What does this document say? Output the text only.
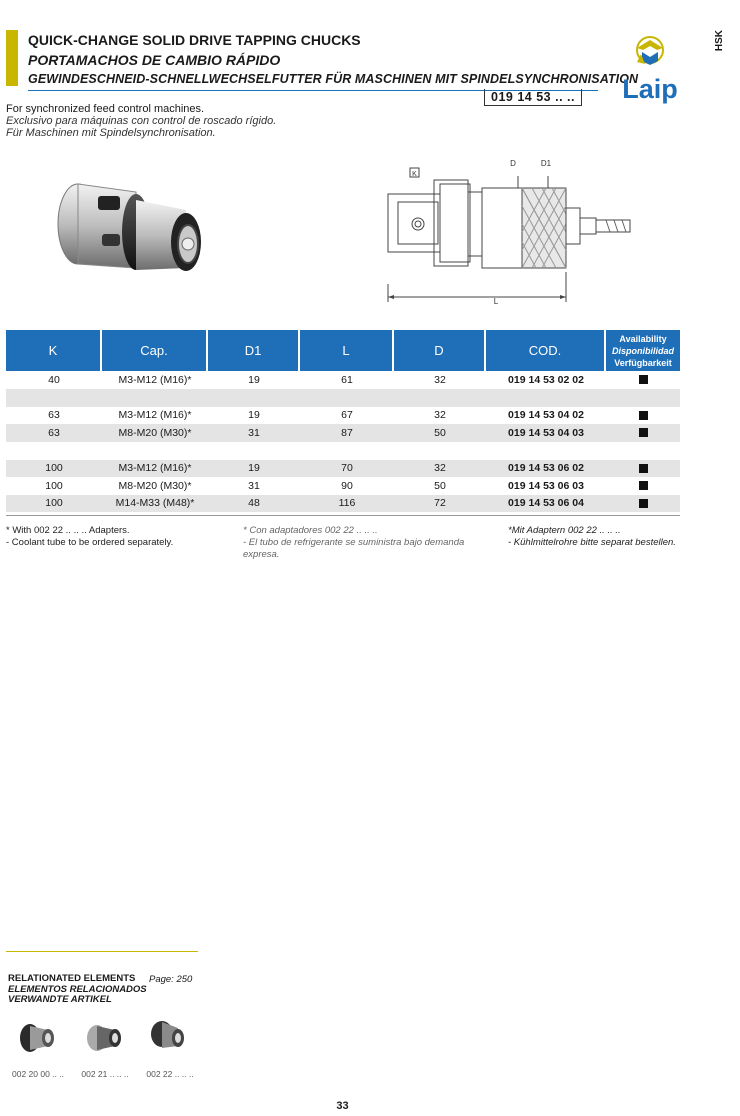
QUICK-CHANGE SOLID DRIVE TAPPING CHUCKS
PORTAMACHOS DE CAMBIO RÁPIDO
GEWINDESCHNEID-SCHNELLWECHSELFUTTER FÜR MASCHINEN MIT SPINDELSYNCHRONISATION
019 14 53 .. .. Laip
HSK
For synchronized feed control machines.
Exclusivo para máquinas con control de roscado rígido.
Für Maschinen mit Spindelsynchronisation.
K
D	D1
L
K	Cap.	D1	L	D	COD.	Availability
Disponibilidad
Verfügbarkeit

40	M3-M12 (M16)*	19	61	32	019 14 53 02 02	

63	M3-M12 (M16)*	19	67	32	019 14 53 04 02	
63	M8-M20 (M30)*	31	87	50	019 14 53 04 03	

100	M3-M12 (M16)*	19	70	32	019 14 53 06 02	
100	M8-M20 (M30)*	31	90	50	019 14 53 06 03	
100	M14-M33 (M48)*	48	116	72	019 14 53 06 04	
* With 002 22 .. .. .. Adapters.
- Coolant tube to be ordered separately.
* Con adaptadores 002 22 .. .. ..
- El tubo de refrigerante se suministra bajo demanda
expresa.
*Mit Adaptern 002 22 .. .. ..
- Kühlmittelrohre bitte separat bestellen.
RELATIONATED ELEMENTS
ELEMENTOS RELACIONADOS
VERWANDTE ARTIKEL
Page: 250
002 20 00 .. ..	002 21 .. .. ..	002 22 .. .. ..
33
